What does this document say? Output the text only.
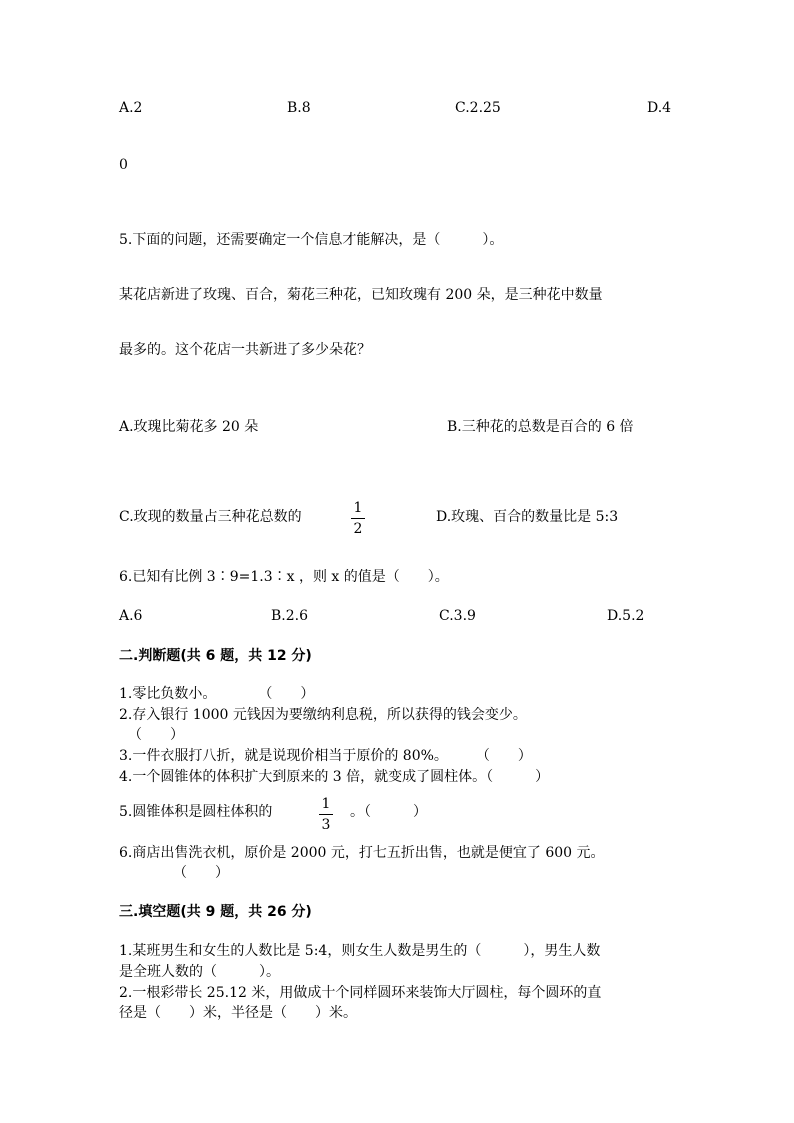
A.2	B.8	C.2.25	D.4
0
5.下面的问题，还需要确定一个信息才能解决，是（　　　）。
某花店新进了玫瑰、百合，菊花三种花，已知玫瑰有 200 朵，是三种花中数量
最多的。这个花店一共新进了多少朵花？
A.玫瑰比菊花多 20 朵	B.三种花的总数是百合的 6 倍
C.玫现的数量占三种花总数的
1
2
D.玫瑰、百合的数量比是 5:3
6.已知有比例 3∶9=1.3∶x ，则 x 的值是（　　）。
A.6	B.2.6	C.3.9	D.5.2
二.判断题(共 6 题，共 12 分)
1.零比负数小。　　　　（　　）
2.存入银行 1000 元钱因为要缴纳利息税，所以获得的钱会变少。
（　　）
3.一件衣服打八折，就是说现价相当于原价的 80%。　　　（　　）
4.一个圆锥体的体积扩大到原来的 3 倍，就变成了圆柱体。（　　　）
5.圆锥体积是圆柱体积的	1
3
。（　　　）
6.商店出售洗衣机，原价是 2000 元，打七五折出售，也就是便宜了 600 元。
（　　）
三.填空题(共 9 题，共 26 分)
1.某班男生和女生的人数比是 5:4，则女生人数是男生的（　　　），男生人数
是全班人数的（　　　）。
2.一根彩带长 25.12 米，用做成十个同样圆环来装饰大厅圆柱，每个圆环的直
径是（　　）米，半径是（　　）米。
